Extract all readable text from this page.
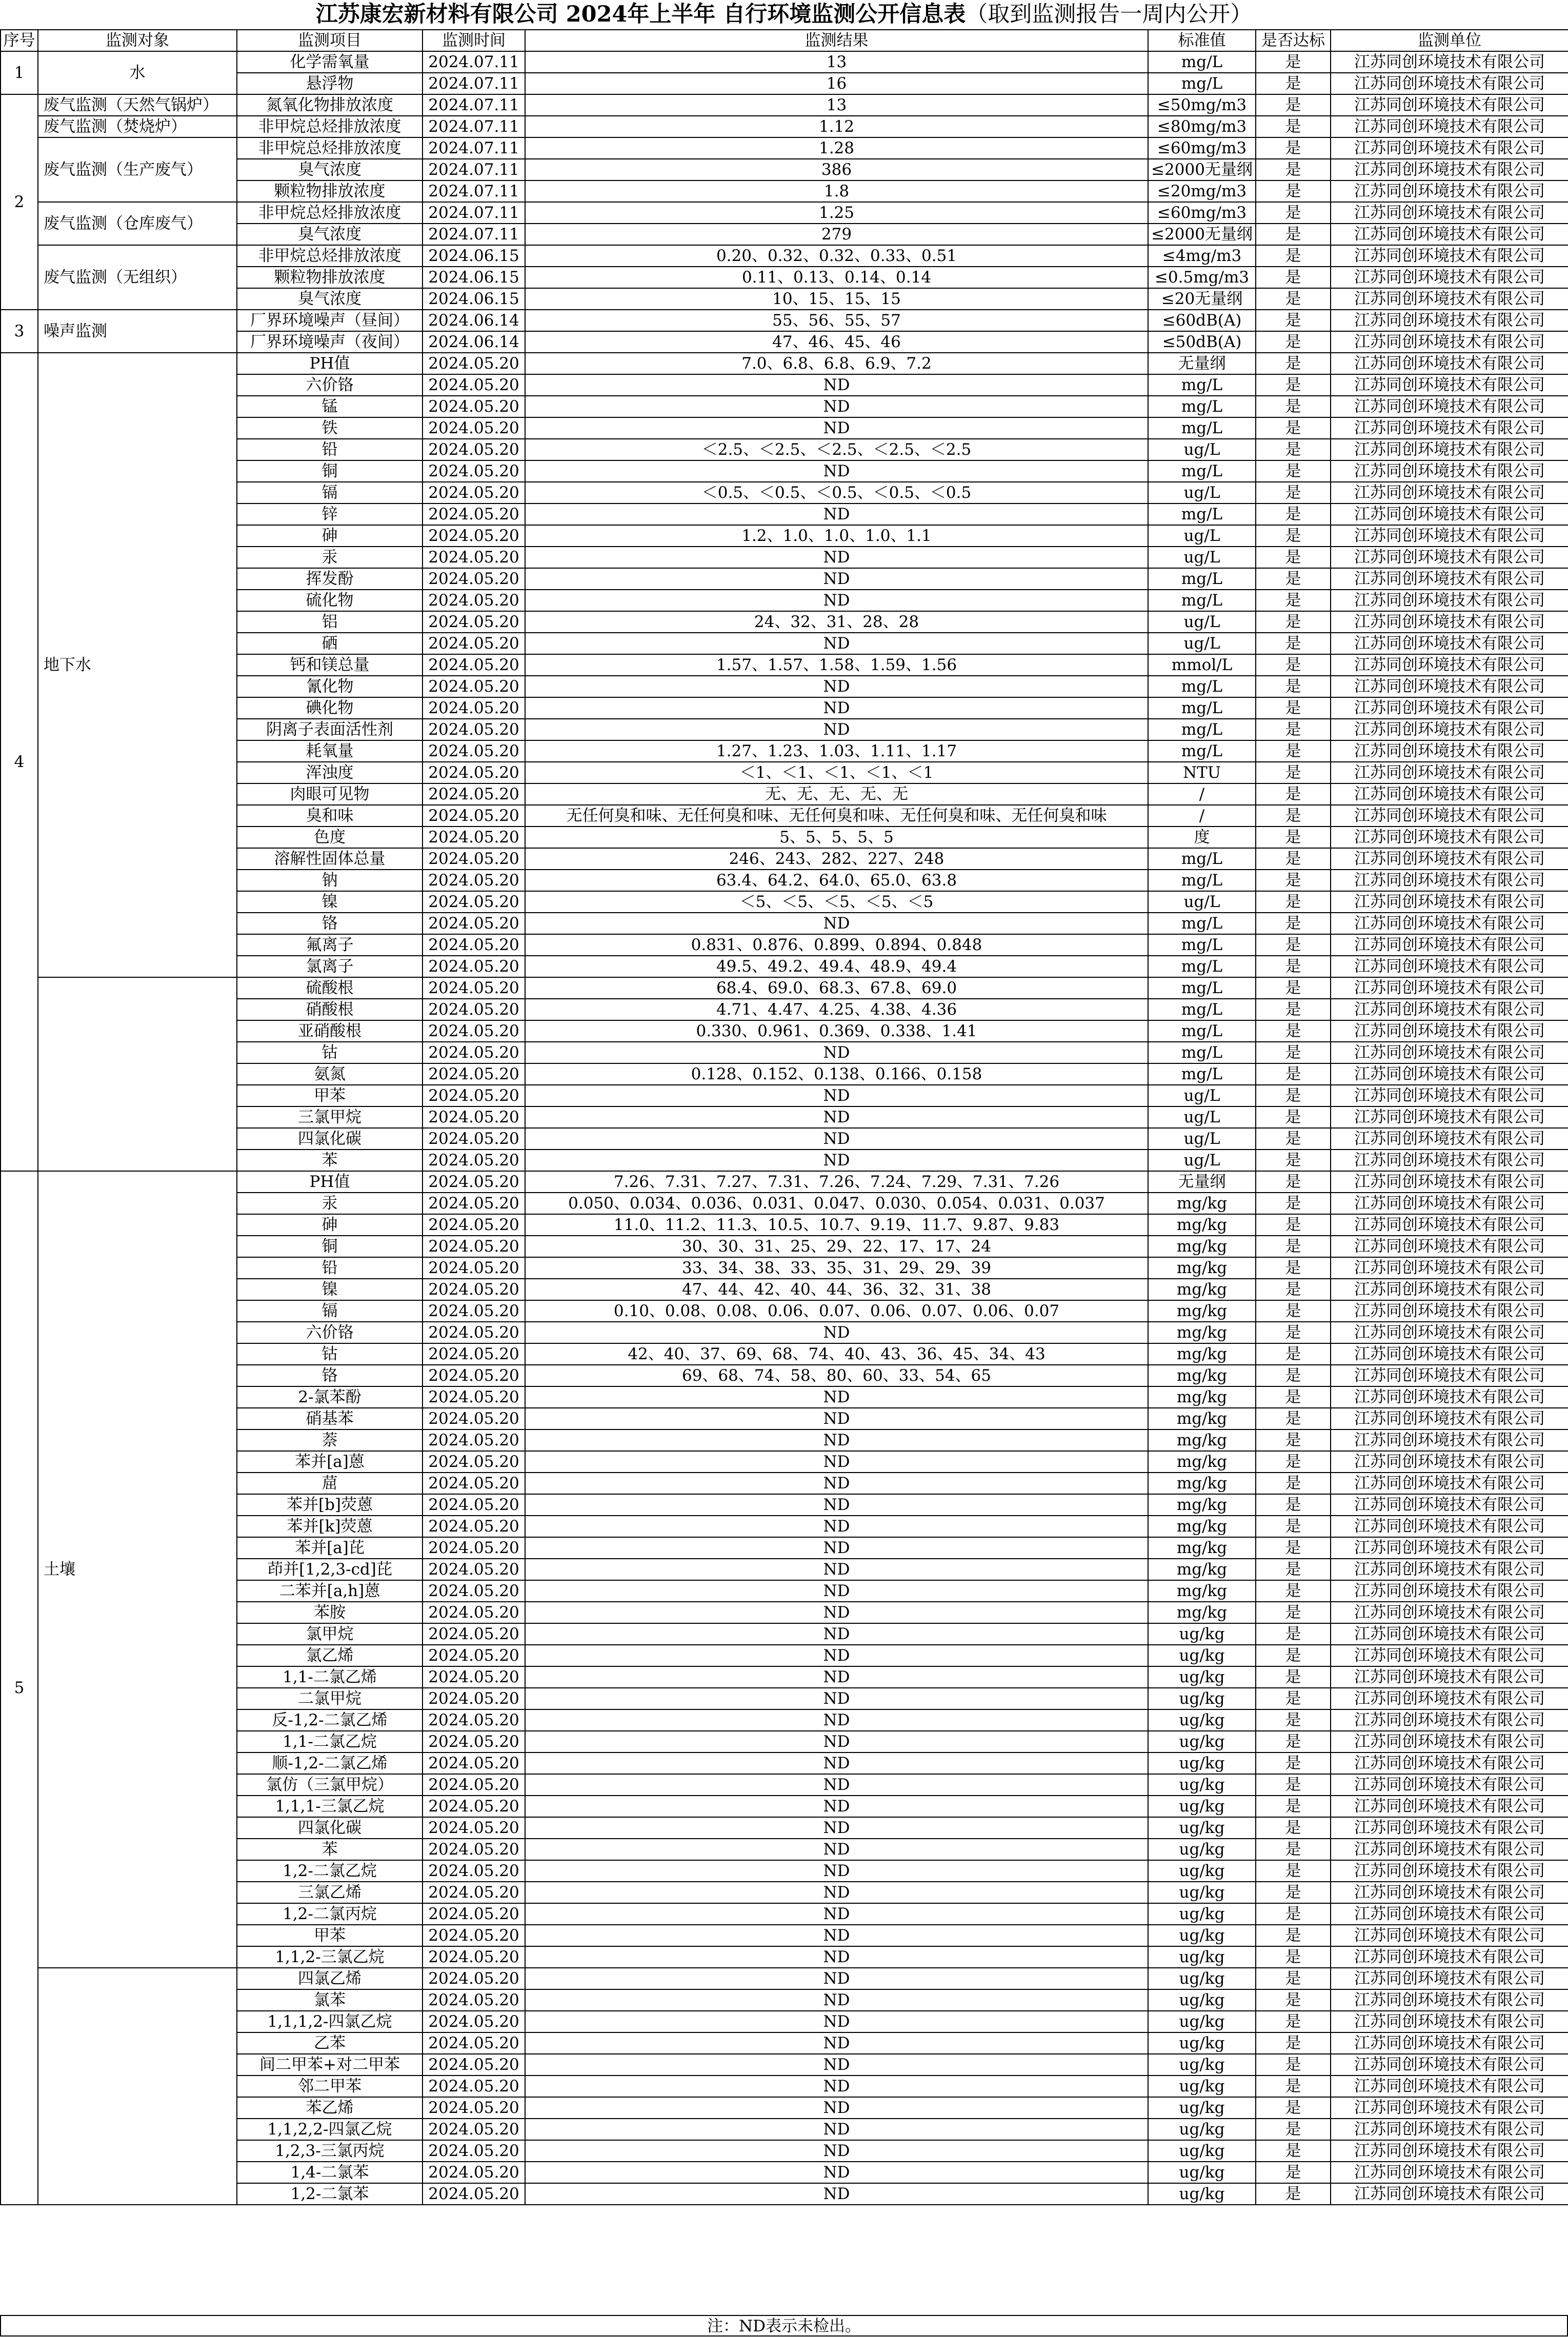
江苏康宏新材料有限公司 2024年上半年 自行环境监测公开信息表（取到监测报告一周内公开）
序号	监测对象	监测项目	监测时间	监测结果	标准值	是否达标	监测单位
1	水	化学需氧量	2024.07.11	13	mg/L	是	江苏同创环境技术有限公司
		悬浮物	2024.07.11	16	mg/L	是	江苏同创环境技术有限公司
2	废气监测（天然气锅炉）	氮氧化物排放浓度	2024.07.11	13	≤50mg/m3	是	江苏同创环境技术有限公司
	废气监测（焚烧炉）	非甲烷总烃排放浓度	2024.07.11	1.12	≤80mg/m3	是	江苏同创环境技术有限公司
	废气监测（生产废气）	非甲烷总烃排放浓度	2024.07.11	1.28	≤60mg/m3	是	江苏同创环境技术有限公司
		臭气浓度	2024.07.11	386	≤2000无量纲	是	江苏同创环境技术有限公司
		颗粒物排放浓度	2024.07.11	1.8	≤20mg/m3	是	江苏同创环境技术有限公司
	废气监测（仓库废气）	非甲烷总烃排放浓度	2024.07.11	1.25	≤60mg/m3	是	江苏同创环境技术有限公司
		臭气浓度	2024.07.11	279	≤2000无量纲	是	江苏同创环境技术有限公司
	废气监测（无组织）	非甲烷总烃排放浓度	2024.06.15	0.20、0.32、0.32、0.33、0.51	≤4mg/m3	是	江苏同创环境技术有限公司
		颗粒物排放浓度	2024.06.15	0.11、0.13、0.14、0.14	≤0.5mg/m3	是	江苏同创环境技术有限公司
		臭气浓度	2024.06.15	10、15、15、15	≤20无量纲	是	江苏同创环境技术有限公司
3	噪声监测	厂界环境噪声（昼间）	2024.06.14	55、56、55、57	≤60dB(A)	是	江苏同创环境技术有限公司
		厂界环境噪声（夜间）	2024.06.14	47、46、45、46	≤50dB(A)	是	江苏同创环境技术有限公司
4	地下水	PH值	2024.05.20	7.0、6.8、6.8、6.9、7.2	无量纲	是	江苏同创环境技术有限公司
		六价铬	2024.05.20	ND	mg/L	是	江苏同创环境技术有限公司
		锰	2024.05.20	ND	mg/L	是	江苏同创环境技术有限公司
		铁	2024.05.20	ND	mg/L	是	江苏同创环境技术有限公司
		铅	2024.05.20	＜2.5、＜2.5、＜2.5、＜2.5、＜2.5	ug/L	是	江苏同创环境技术有限公司
		铜	2024.05.20	ND	mg/L	是	江苏同创环境技术有限公司
		镉	2024.05.20	＜0.5、＜0.5、＜0.5、＜0.5、＜0.5	ug/L	是	江苏同创环境技术有限公司
		锌	2024.05.20	ND	mg/L	是	江苏同创环境技术有限公司
		砷	2024.05.20	1.2、1.0、1.0、1.0、1.1	ug/L	是	江苏同创环境技术有限公司
		汞	2024.05.20	ND	ug/L	是	江苏同创环境技术有限公司
		挥发酚	2024.05.20	ND	mg/L	是	江苏同创环境技术有限公司
		硫化物	2024.05.20	ND	mg/L	是	江苏同创环境技术有限公司
		铝	2024.05.20	24、32、31、28、28	ug/L	是	江苏同创环境技术有限公司
		硒	2024.05.20	ND	ug/L	是	江苏同创环境技术有限公司
		钙和镁总量	2024.05.20	1.57、1.57、1.58、1.59、1.56	mmol/L	是	江苏同创环境技术有限公司
		氰化物	2024.05.20	ND	mg/L	是	江苏同创环境技术有限公司
		碘化物	2024.05.20	ND	mg/L	是	江苏同创环境技术有限公司
		阴离子表面活性剂	2024.05.20	ND	mg/L	是	江苏同创环境技术有限公司
		耗氧量	2024.05.20	1.27、1.23、1.03、1.11、1.17	mg/L	是	江苏同创环境技术有限公司
		浑浊度	2024.05.20	＜1、＜1、＜1、＜1、＜1	NTU	是	江苏同创环境技术有限公司
		肉眼可见物	2024.05.20	无、无、无、无、无	/	是	江苏同创环境技术有限公司
		臭和味	2024.05.20	无任何臭和味、无任何臭和味、无任何臭和味、无任何臭和味、无任何臭和味	/	是	江苏同创环境技术有限公司
		色度	2024.05.20	5、5、5、5、5	度	是	江苏同创环境技术有限公司
		溶解性固体总量	2024.05.20	246、243、282、227、248	mg/L	是	江苏同创环境技术有限公司
		钠	2024.05.20	63.4、64.2、64.0、65.0、63.8	mg/L	是	江苏同创环境技术有限公司
		镍	2024.05.20	＜5、＜5、＜5、＜5、＜5	ug/L	是	江苏同创环境技术有限公司
		铬	2024.05.20	ND	mg/L	是	江苏同创环境技术有限公司
		氟离子	2024.05.20	0.831、0.876、0.899、0.894、0.848	mg/L	是	江苏同创环境技术有限公司
		氯离子	2024.05.20	49.5、49.2、49.4、48.9、49.4	mg/L	是	江苏同创环境技术有限公司
		硫酸根	2024.05.20	68.4、69.0、68.3、67.8、69.0	mg/L	是	江苏同创环境技术有限公司
		硝酸根	2024.05.20	4.71、4.47、4.25、4.38、4.36	mg/L	是	江苏同创环境技术有限公司
		亚硝酸根	2024.05.20	0.330、0.961、0.369、0.338、1.41	mg/L	是	江苏同创环境技术有限公司
		钴	2024.05.20	ND	mg/L	是	江苏同创环境技术有限公司
		氨氮	2024.05.20	0.128、0.152、0.138、0.166、0.158	mg/L	是	江苏同创环境技术有限公司
		甲苯	2024.05.20	ND	ug/L	是	江苏同创环境技术有限公司
		三氯甲烷	2024.05.20	ND	ug/L	是	江苏同创环境技术有限公司
		四氯化碳	2024.05.20	ND	ug/L	是	江苏同创环境技术有限公司
		苯	2024.05.20	ND	ug/L	是	江苏同创环境技术有限公司
5	土壤	PH值	2024.05.20	7.26、7.31、7.27、7.31、7.26、7.24、7.29、7.31、7.26	无量纲	是	江苏同创环境技术有限公司
		汞	2024.05.20	0.050、0.034、0.036、0.031、0.047、0.030、0.054、0.031、0.037	mg/kg	是	江苏同创环境技术有限公司
		砷	2024.05.20	11.0、11.2、11.3、10.5、10.7、9.19、11.7、9.87、9.83	mg/kg	是	江苏同创环境技术有限公司
		铜	2024.05.20	30、30、31、25、29、22、17、17、24	mg/kg	是	江苏同创环境技术有限公司
		铅	2024.05.20	33、34、38、33、35、31、29、29、39	mg/kg	是	江苏同创环境技术有限公司
		镍	2024.05.20	47、44、42、40、44、36、32、31、38	mg/kg	是	江苏同创环境技术有限公司
		镉	2024.05.20	0.10、0.08、0.08、0.06、0.07、0.06、0.07、0.06、0.07	mg/kg	是	江苏同创环境技术有限公司
		六价铬	2024.05.20	ND	mg/kg	是	江苏同创环境技术有限公司
		钴	2024.05.20	42、40、37、69、68、74、40、43、36、45、34、43	mg/kg	是	江苏同创环境技术有限公司
		铬	2024.05.20	69、68、74、58、80、60、33、54、65	mg/kg	是	江苏同创环境技术有限公司
		2-氯苯酚	2024.05.20	ND	mg/kg	是	江苏同创环境技术有限公司
		硝基苯	2024.05.20	ND	mg/kg	是	江苏同创环境技术有限公司
		萘	2024.05.20	ND	mg/kg	是	江苏同创环境技术有限公司
		苯并[a]蒽	2024.05.20	ND	mg/kg	是	江苏同创环境技术有限公司
		䓛	2024.05.20	ND	mg/kg	是	江苏同创环境技术有限公司
		苯并[b]荧蒽	2024.05.20	ND	mg/kg	是	江苏同创环境技术有限公司
		苯并[k]荧蒽	2024.05.20	ND	mg/kg	是	江苏同创环境技术有限公司
		苯并[a]芘	2024.05.20	ND	mg/kg	是	江苏同创环境技术有限公司
		茚并[1,2,3-cd]芘	2024.05.20	ND	mg/kg	是	江苏同创环境技术有限公司
		二苯并[a,h]蒽	2024.05.20	ND	mg/kg	是	江苏同创环境技术有限公司
		苯胺	2024.05.20	ND	mg/kg	是	江苏同创环境技术有限公司
		氯甲烷	2024.05.20	ND	ug/kg	是	江苏同创环境技术有限公司
		氯乙烯	2024.05.20	ND	ug/kg	是	江苏同创环境技术有限公司
		1,1-二氯乙烯	2024.05.20	ND	ug/kg	是	江苏同创环境技术有限公司
		二氯甲烷	2024.05.20	ND	ug/kg	是	江苏同创环境技术有限公司
		反-1,2-二氯乙烯	2024.05.20	ND	ug/kg	是	江苏同创环境技术有限公司
		1,1-二氯乙烷	2024.05.20	ND	ug/kg	是	江苏同创环境技术有限公司
		顺-1,2-二氯乙烯	2024.05.20	ND	ug/kg	是	江苏同创环境技术有限公司
		氯仿（三氯甲烷）	2024.05.20	ND	ug/kg	是	江苏同创环境技术有限公司
		1,1,1-三氯乙烷	2024.05.20	ND	ug/kg	是	江苏同创环境技术有限公司
		四氯化碳	2024.05.20	ND	ug/kg	是	江苏同创环境技术有限公司
		苯	2024.05.20	ND	ug/kg	是	江苏同创环境技术有限公司
		1,2-二氯乙烷	2024.05.20	ND	ug/kg	是	江苏同创环境技术有限公司
		三氯乙烯	2024.05.20	ND	ug/kg	是	江苏同创环境技术有限公司
		1,2-二氯丙烷	2024.05.20	ND	ug/kg	是	江苏同创环境技术有限公司
		甲苯	2024.05.20	ND	ug/kg	是	江苏同创环境技术有限公司
		1,1,2-三氯乙烷	2024.05.20	ND	ug/kg	是	江苏同创环境技术有限公司
		四氯乙烯	2024.05.20	ND	ug/kg	是	江苏同创环境技术有限公司
		氯苯	2024.05.20	ND	ug/kg	是	江苏同创环境技术有限公司
		1,1,1,2-四氯乙烷	2024.05.20	ND	ug/kg	是	江苏同创环境技术有限公司
		乙苯	2024.05.20	ND	ug/kg	是	江苏同创环境技术有限公司
		间二甲苯+对二甲苯	2024.05.20	ND	ug/kg	是	江苏同创环境技术有限公司
		邻二甲苯	2024.05.20	ND	ug/kg	是	江苏同创环境技术有限公司
		苯乙烯	2024.05.20	ND	ug/kg	是	江苏同创环境技术有限公司
		1,1,2,2-四氯乙烷	2024.05.20	ND	ug/kg	是	江苏同创环境技术有限公司
		1,2,3-三氯丙烷	2024.05.20	ND	ug/kg	是	江苏同创环境技术有限公司
		1,4-二氯苯	2024.05.20	ND	ug/kg	是	江苏同创环境技术有限公司
		1,2-二氯苯	2024.05.20	ND	ug/kg	是	江苏同创环境技术有限公司
注：ND表示未检出。
